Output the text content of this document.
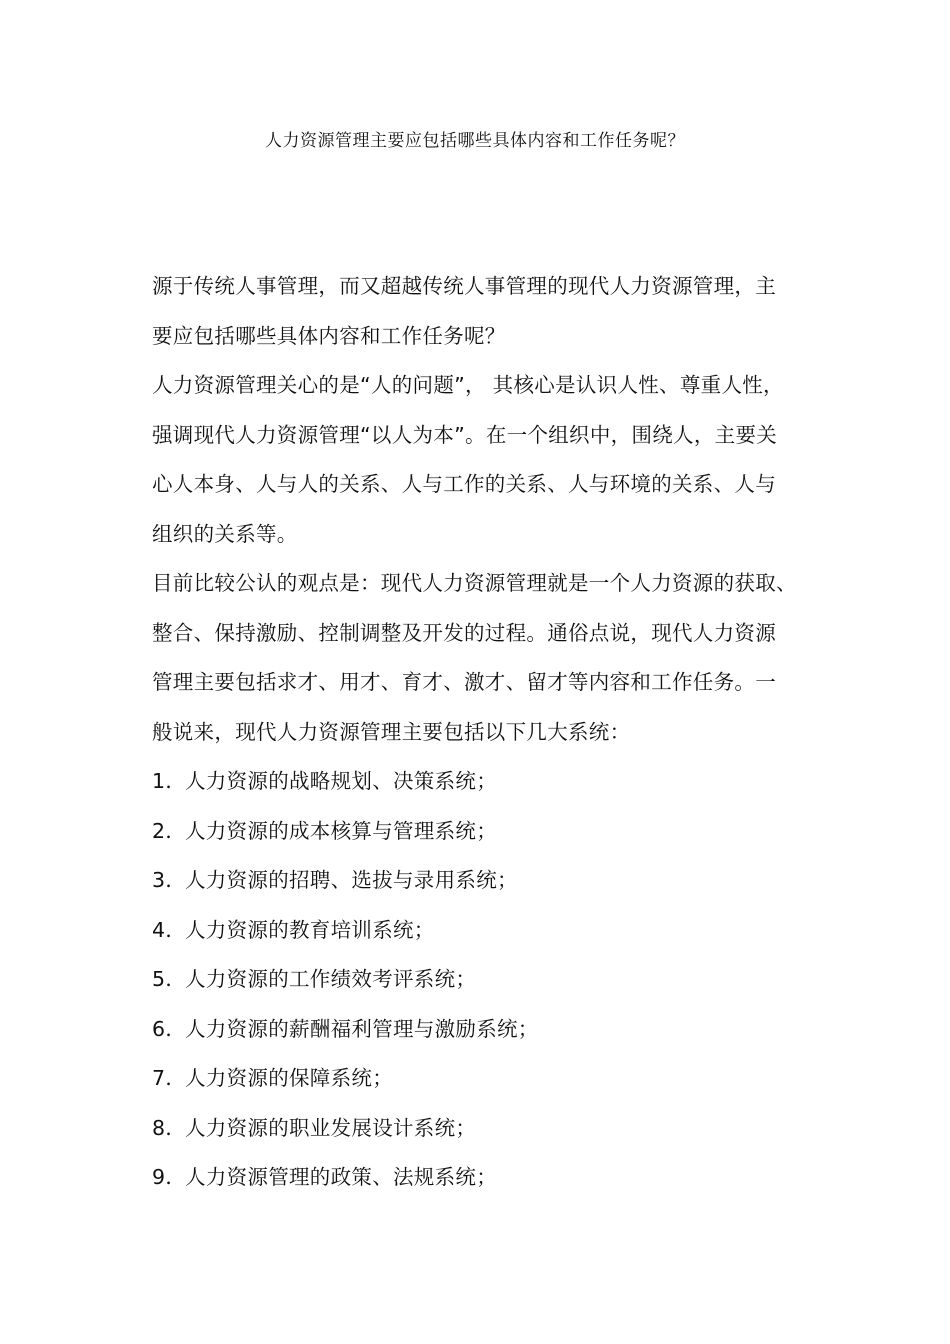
人力资源管理主要应包括哪些具体内容和工作任务呢？
源于传统人事管理，而又超越传统人事管理的现代人力资源管理，主
要应包括哪些具体内容和工作任务呢？
人力资源管理关心的是“人的问题”， 其核心是认识人性、尊重人性，
强调现代人力资源管理“以人为本”。在一个组织中，围绕人，主要关
心人本身、人与人的关系、人与工作的关系、人与环境的关系、人与
组织的关系等。
目前比较公认的观点是：现代人力资源管理就是一个人力资源的获取、
整合、保持激励、控制调整及开发的过程。通俗点说，现代人力资源
管理主要包括求才、用才、育才、激才、留才等内容和工作任务。一
般说来，现代人力资源管理主要包括以下几大系统：
1．人力资源的战略规划、决策系统；
2．人力资源的成本核算与管理系统；
3．人力资源的招聘、选拔与录用系统；
4．人力资源的教育培训系统；
5．人力资源的工作绩效考评系统；
6．人力资源的薪酬福利管理与激励系统；
7．人力资源的保障系统；
8．人力资源的职业发展设计系统；
9．人力资源管理的政策、法规系统；
